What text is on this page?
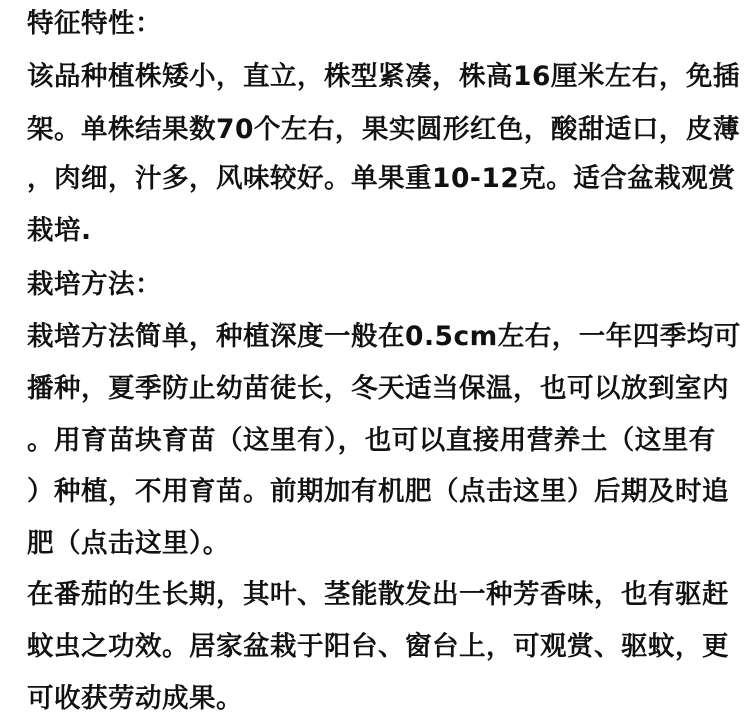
特征特性：
该品种植株矮小，直立，株型紧凑，株高16厘米左右，免插
架。单株结果数70个左右，果实圆形红色，酸甜适口，皮薄
，肉细，汁多，风味较好。单果重10-12克。适合盆栽观赏
栽培.
栽培方法：
栽培方法简单，种植深度一般在0.5cm左右，一年四季均可
播种，夏季防止幼苗徒长，冬天适当保温，也可以放到室内
。用育苗块育苗（这里有），也可以直接用营养土（这里有
）种植，不用育苗。前期加有机肥（点击这里）后期及时追
肥（点击这里）。
在番茄的生长期，其叶、茎能散发出一种芳香味，也有驱赶
蚊虫之功效。居家盆栽于阳台、窗台上，可观赏、驱蚊，更
可收获劳动成果。
